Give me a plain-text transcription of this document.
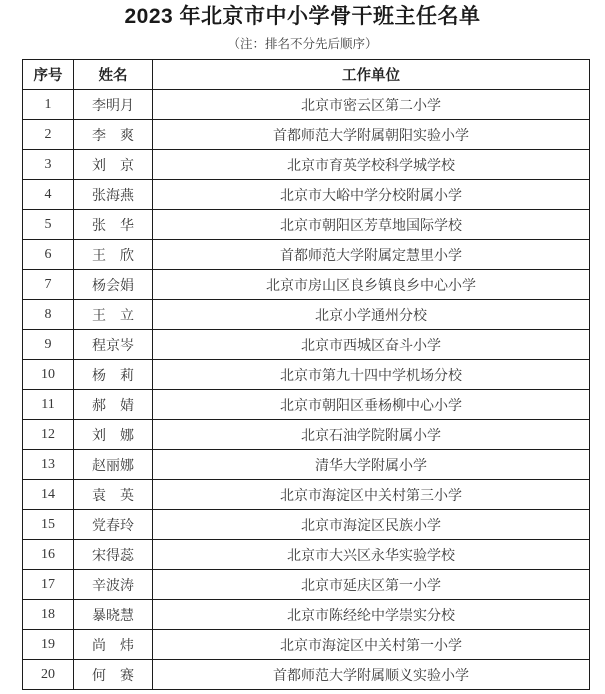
2023 年北京市中小学骨干班主任名单
（注：排名不分先后顺序）
序号	姓名	工作单位
1	李明月	北京市密云区第二小学
2	李　爽	首都师范大学附属朝阳实验小学
3	刘　京	北京市育英学校科学城学校
4	张海燕	北京市大峪中学分校附属小学
5	张　华	北京市朝阳区芳草地国际学校
6	王　欣	首都师范大学附属定慧里小学
7	杨会娟	北京市房山区良乡镇良乡中心小学
8	王　立	北京小学通州分校
9	程京岑	北京市西城区奋斗小学
10	杨　莉	北京市第九十四中学机场分校
11	郝　婧	北京市朝阳区垂杨柳中心小学
12	刘　娜	北京石油学院附属小学
13	赵丽娜	清华大学附属小学
14	袁　英	北京市海淀区中关村第三小学
15	党春玲	北京市海淀区民族小学
16	宋得蕊	北京市大兴区永华实验学校
17	辛波涛	北京市延庆区第一小学
18	暴晓慧	北京市陈经纶中学崇实分校
19	尚　炜	北京市海淀区中关村第一小学
20	何　赛	首都师范大学附属顺义实验小学
